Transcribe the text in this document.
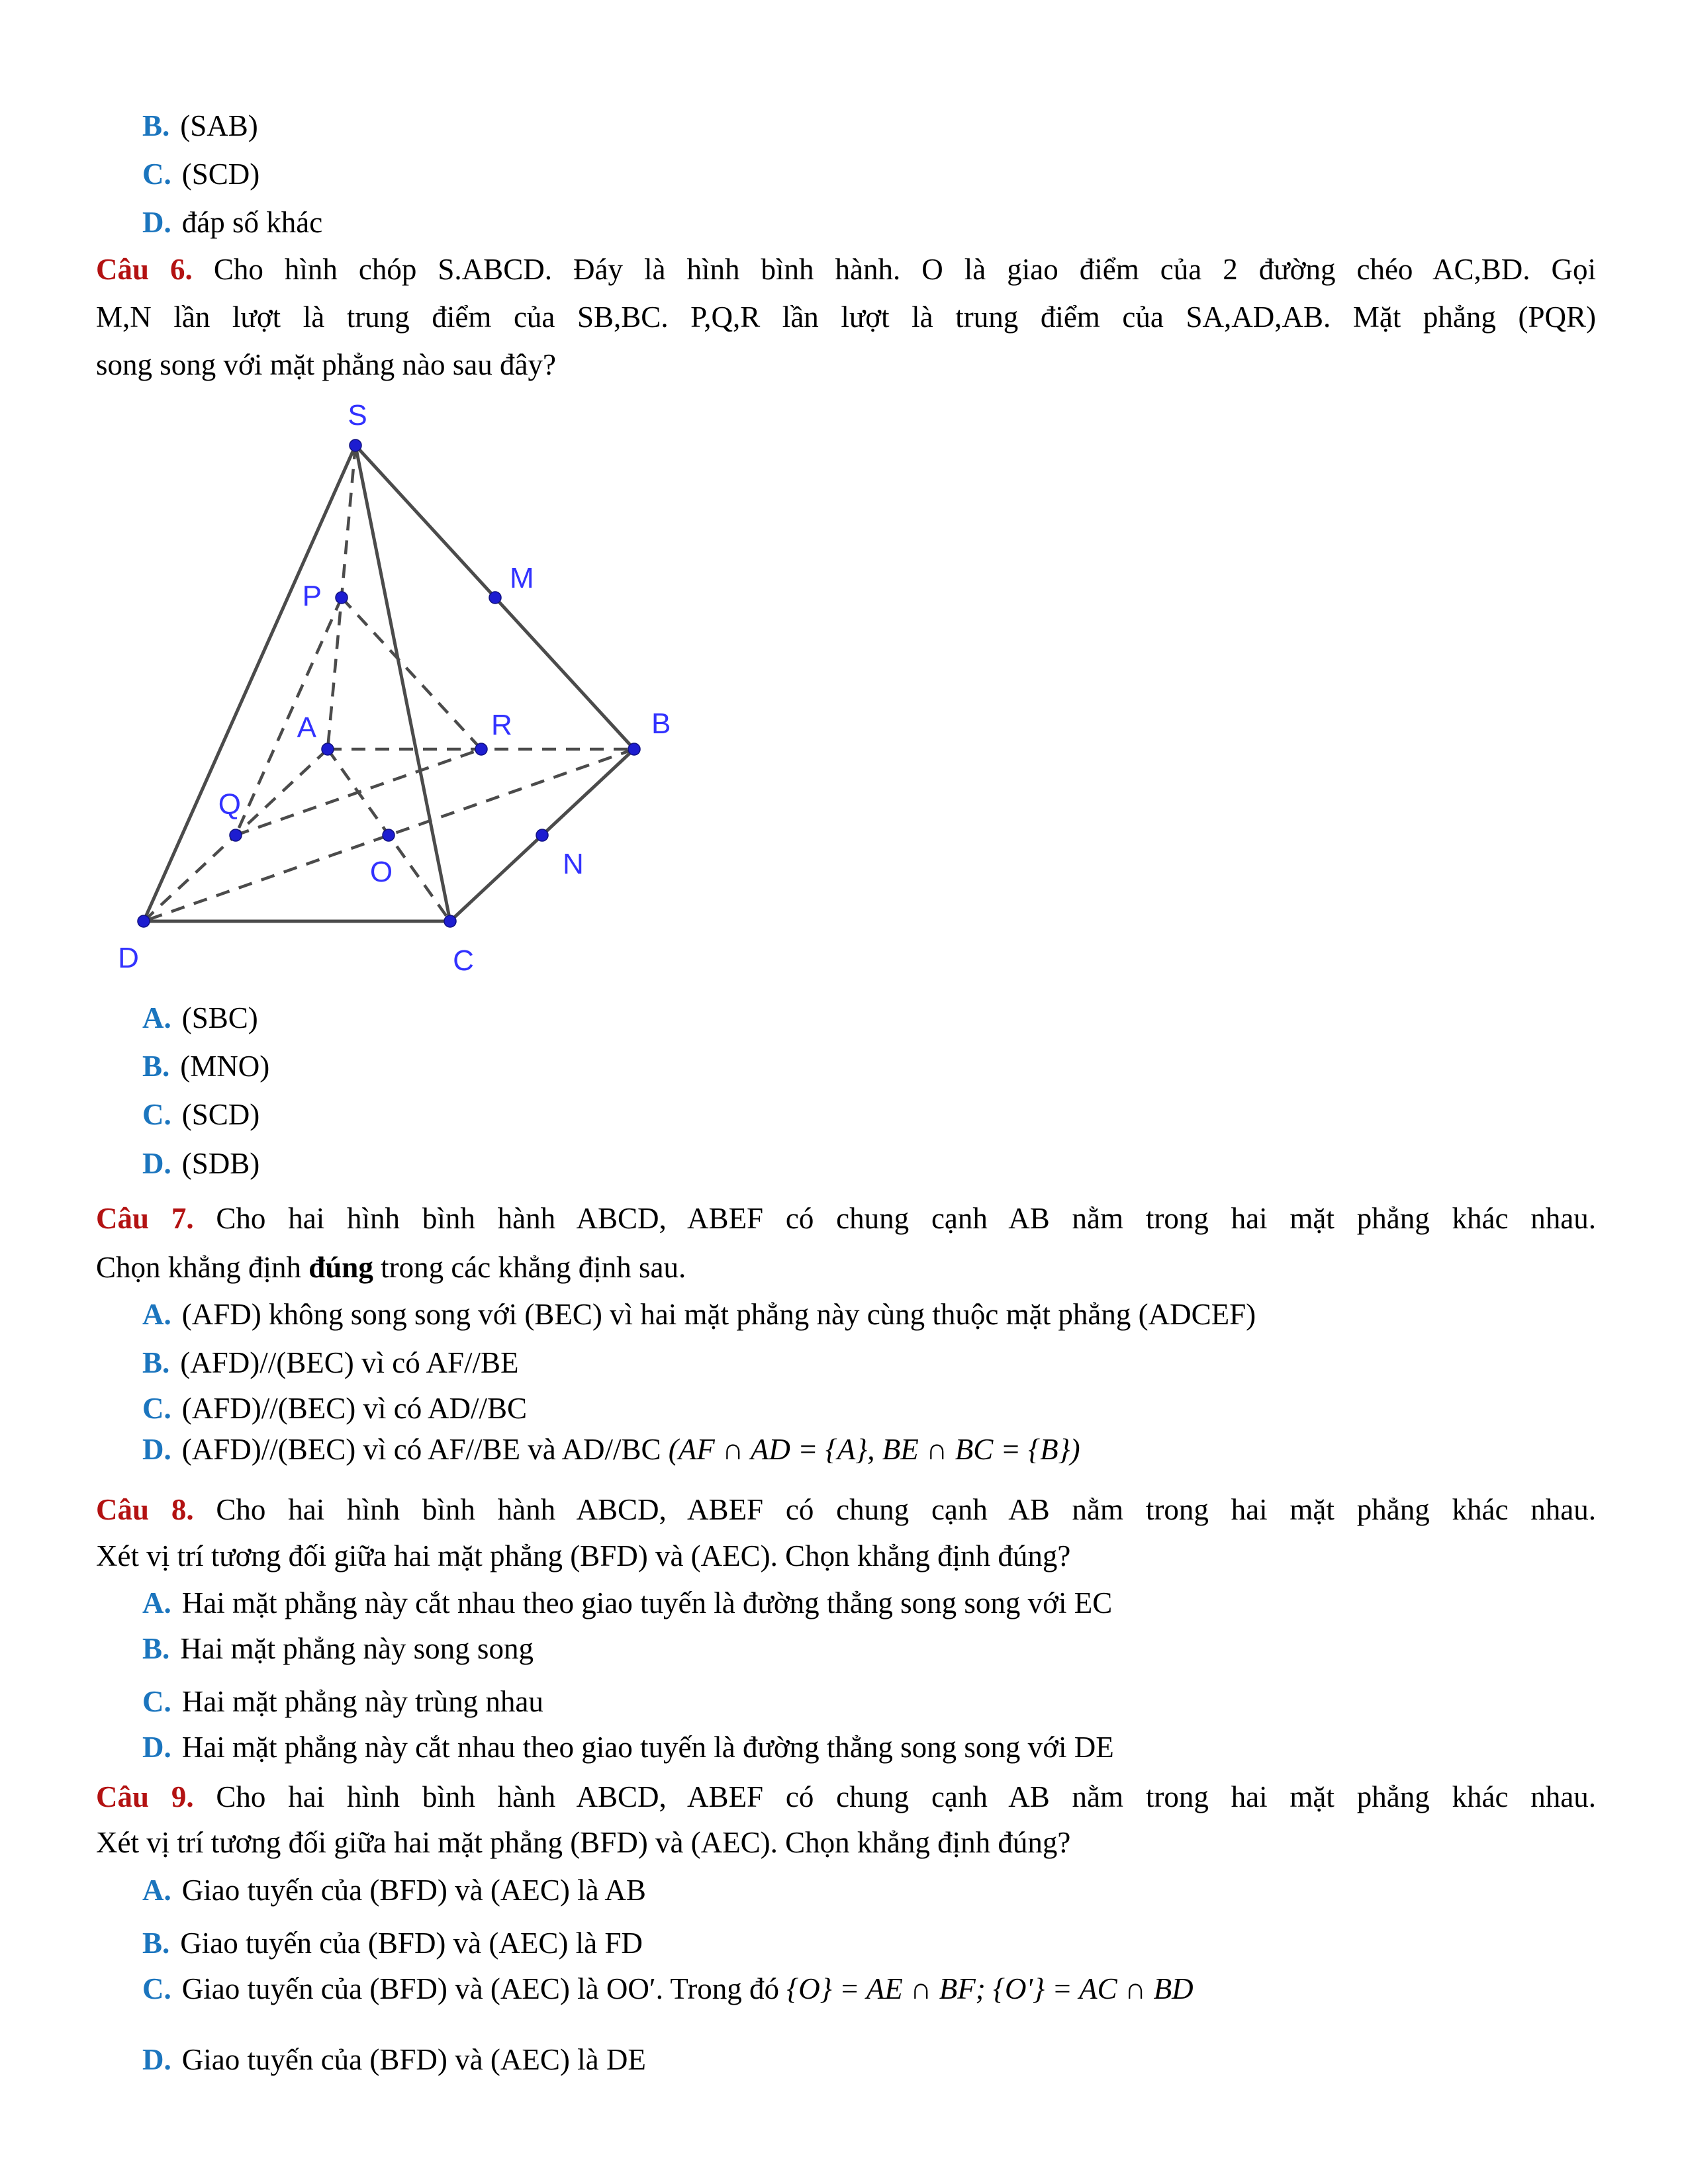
B. (SAB)
C. (SCD)
D. đáp số khác
Câu 6. Cho hình chóp S.ABCD. Đáy là hình bình hành. O là giao điểm của 2 đường chéo AC,BD. Gọi
M,N lần lượt là trung điểm của SB,BC. P,Q,R lần lượt là trung điểm của SA,AD,AB. Mặt phẳng (PQR)
song song với mặt phẳng nào sau đây?
S
P
M
A	R	B
Q
O	N
D	C
A. (SBC)
B. (MNO)
C. (SCD)
D. (SDB)
Câu 7. Cho hai hình bình hành ABCD, ABEF có chung cạnh AB nằm trong hai mặt phẳng khác nhau.
Chọn khẳng định đúng trong các khẳng định sau.
A. (AFD) không song song với (BEC) vì hai mặt phẳng này cùng thuộc mặt phẳng (ADCEF)
B. (AFD)//(BEC) vì có AF//BE
C. (AFD)//(BEC) vì có AD//BC
D. (AFD)//(BEC) vì có AF//BE và AD//BC (AF ∩ AD = {A}, BE ∩ BC = {B})
Câu 8. Cho hai hình bình hành ABCD, ABEF có chung cạnh AB nằm trong hai mặt phẳng khác nhau.
Xét vị trí tương đối giữa hai mặt phẳng (BFD) và (AEC). Chọn khẳng định đúng?
A. Hai mặt phẳng này cắt nhau theo giao tuyến là đường thẳng song song với EC
B. Hai mặt phẳng này song song
C. Hai mặt phẳng này trùng nhau
D. Hai mặt phẳng này cắt nhau theo giao tuyến là đường thẳng song song với DE
Câu 9. Cho hai hình bình hành ABCD, ABEF có chung cạnh AB nằm trong hai mặt phẳng khác nhau.
Xét vị trí tương đối giữa hai mặt phẳng (BFD) và (AEC). Chọn khẳng định đúng?
A. Giao tuyến của (BFD) và (AEC) là AB
B. Giao tuyến của (BFD) và (AEC) là FD
C. Giao tuyến của (BFD) và (AEC) là OO′. Trong đó {O} = AE ∩ BF; {O'} = AC ∩ BD
D. Giao tuyến của (BFD) và (AEC) là DE
